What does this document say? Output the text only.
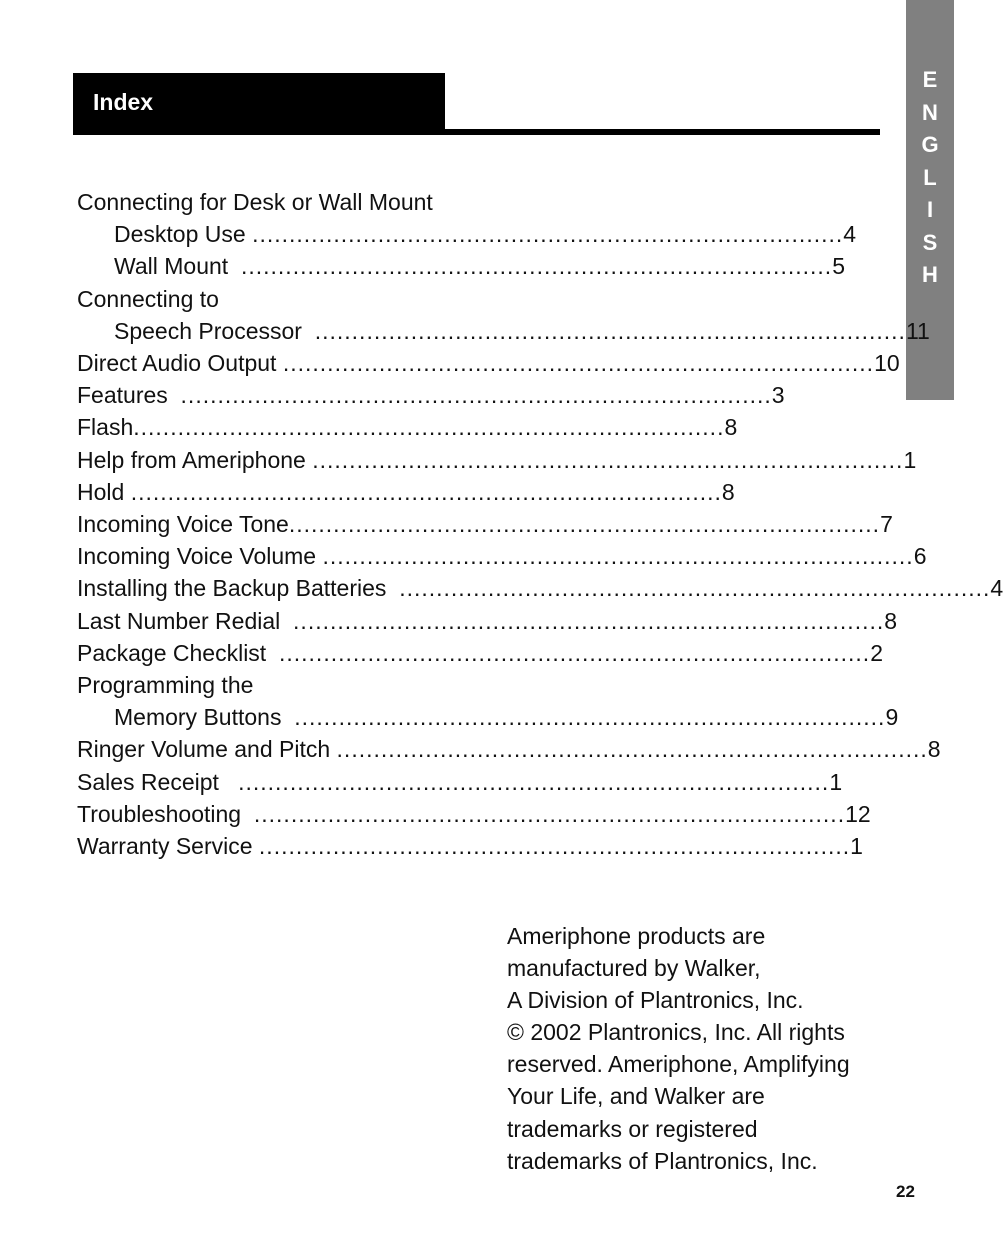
Index
E
N
G
L
I
S
H
Connecting for Desk or Wall Mount
Desktop Use ................................................................................ 4
Wall Mount ................................................................................ 5
Connecting to
Speech Processor ................................................................................ 11
Direct Audio Output ................................................................................ 10
Features ................................................................................ 3
Flash ................................................................................ 8
Help from Ameriphone ................................................................................ 1
Hold ................................................................................ 8
Incoming Voice Tone ................................................................................ 7
Incoming Voice Volume ................................................................................ 6
Installing the Backup Batteries ................................................................................ 4
Last Number Redial ................................................................................ 8
Package Checklist ................................................................................ 2
Programming the
Memory Buttons ................................................................................ 9
Ringer Volume and Pitch ................................................................................ 8
Sales Receipt ................................................................................ 1
Troubleshooting ................................................................................ 12
Warranty Service ................................................................................ 1
Ameriphone products are
manufactured by Walker,
A Division of Plantronics, Inc.
© 2002 Plantronics, Inc. All rights
reserved. Ameriphone, Amplifying
Your Life, and Walker are
trademarks or registered
trademarks of Plantronics, Inc.
22
